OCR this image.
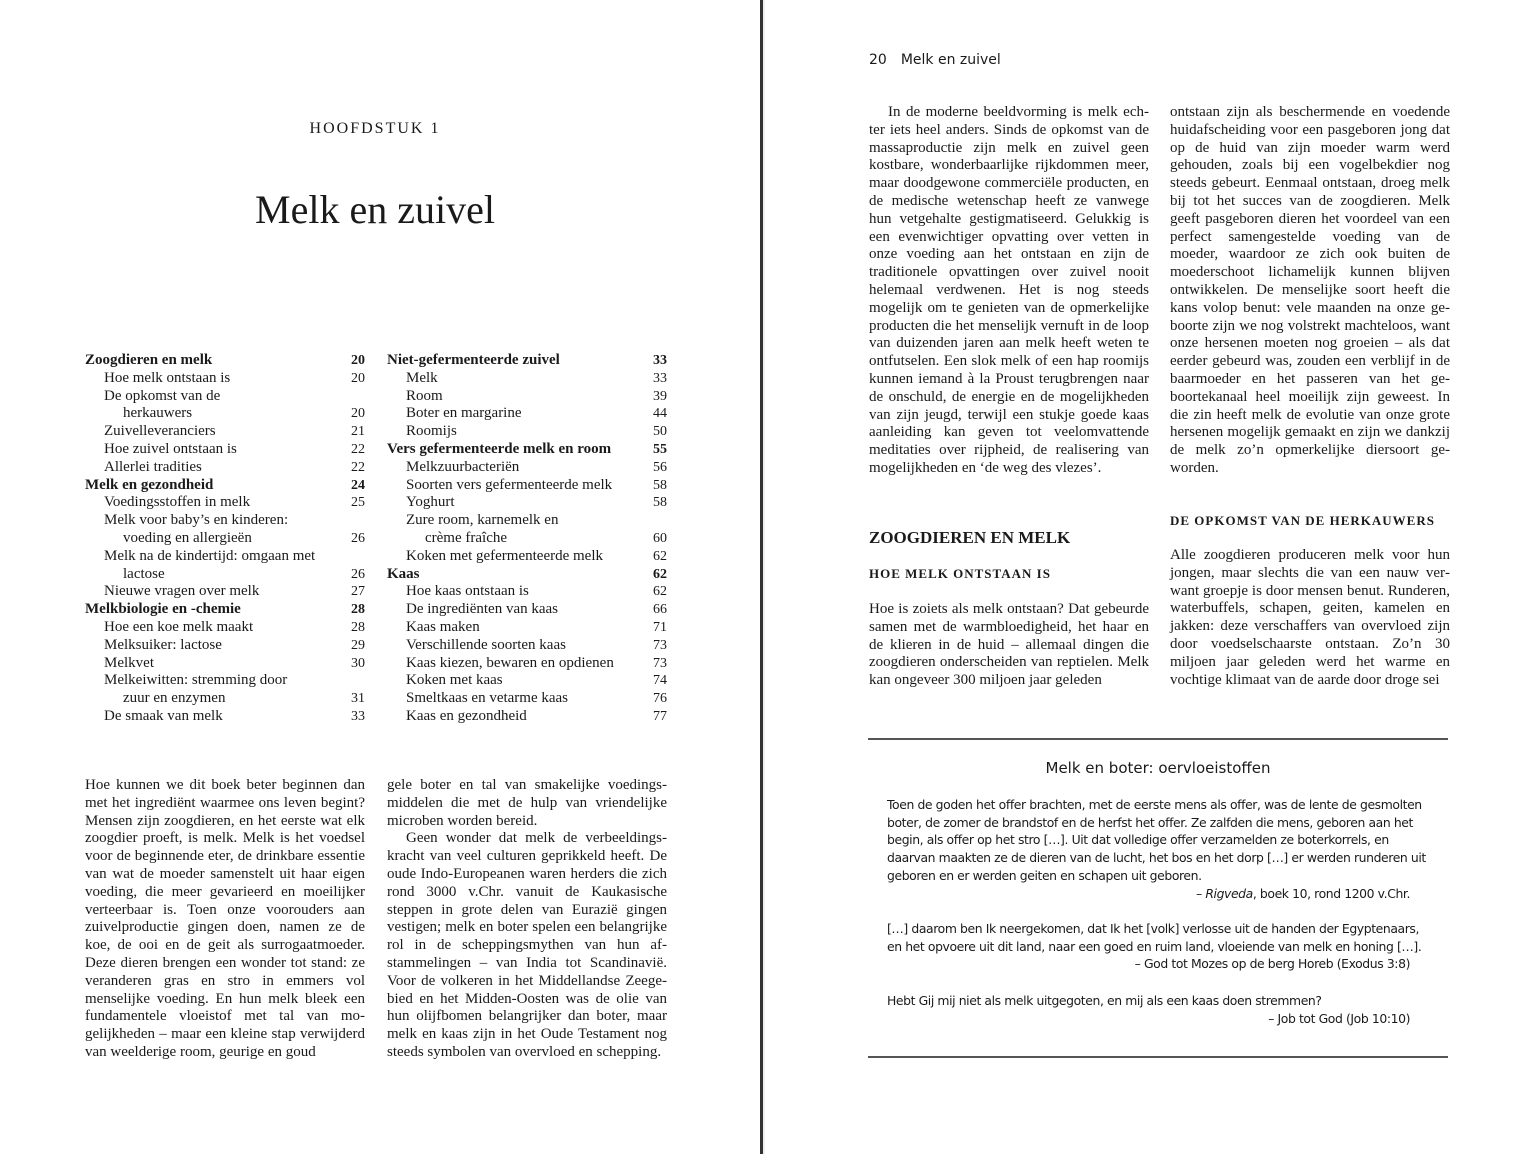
HOOFDSTUK 1
Melk en zuivel
Zoogdieren en melk	20
Hoe melk ontstaan is	20
De opkomst van de
herkauwers	20
Zuivelleveranciers	21
Hoe zuivel ontstaan is	22
Allerlei tradities	22
Melk en gezondheid	24
Voedingsstoffen in melk	25
Melk voor baby’s en kinderen:
voeding en allergieën	26
Melk na de kindertijd: omgaan met
lactose	26
Nieuwe vragen over melk	27
Melkbiologie en -chemie	28
Hoe een koe melk maakt	28
Melksuiker: lactose	29
Melkvet	30
Melkeiwitten: stremming door
zuur en enzymen	31
De smaak van melk	33
Niet-gefermenteerde zuivel	33
Melk	33
Room	39
Boter en margarine	44
Roomijs	50
Vers gefermenteerde melk en room	55
Melkzuurbacteriën	56
Soorten vers gefermenteerde melk	58
Yoghurt	58
Zure room, karnemelk en
crème fraîche	60
Koken met gefermenteerde melk	62
Kaas	62
Hoe kaas ontstaan is	62
De ingrediënten van kaas	66
Kaas maken	71
Verschillende soorten kaas	73
Kaas kiezen, bewaren en opdienen	73
Koken met kaas	74
Smeltkaas en vetarme kaas	76
Kaas en gezondheid	77

Hoe kunnen we dit boek beter beginnen dan met het ingrediënt waarmee ons leven begint? Mensen zijn zoogdieren, en het eerste wat elk zoogdier proeft, is melk. Melk is het voedsel voor de beginnende eter, de drinkbare essentie van wat de moeder samenstelt uit haar eigen voeding, die meer gevarieerd en moeilijker verteerbaar is. Toen onze voorouders aan zuivelproductie gingen doen, namen ze de koe, de ooi en de geit als surrogaatmoeder. Deze dieren brengen een wonder tot stand: ze veranderen gras en stro in emmers vol menselijke voeding. En hun melk bleek een fundamentele vloeistof met tal van mogelijkheden – maar een kleine stap verwijderd van weelderige room, geurige en goud

gele boter en tal van smakelijke voedingsmiddelen die met de hulp van vriendelijke microben worden bereid.

Geen wonder dat melk de verbeeldingskracht van veel culturen geprikkeld heeft. De oude Indo-Europeanen waren herders die zich rond 3000 v.Chr. vanuit de Kaukasische steppen in grote delen van Eurazië gingen vestigen; melk en boter spelen een belangrijke rol in de scheppingsmythen van hun afstammelingen – van India tot Scandinavië. Voor de volkeren in het Middellandse Zeegebied en het Midden-Oosten was de olie van hun olijfbomen belangrijker dan boter, maar melk en kaas zijn in het Oude Testament nog steeds symbolen van overvloed en schepping.

20 Melk en zuivel

In de moderne beeldvorming is melk echter iets heel anders. Sinds de opkomst van de massaproductie zijn melk en zuivel geen kostbare, wonderbaarlijke rijkdommen meer, maar doodgewone commerciële producten, en de medische wetenschap heeft ze vanwege hun vetgehalte gestigmatiseerd. Gelukkig is een evenwichtiger opvatting over vetten in onze voeding aan het ontstaan en zijn de traditionele opvattingen over zuivel nooit helemaal verdwenen. Het is nog steeds mogelijk om te genieten van de opmerkelijke producten die het menselijk vernuft in de loop van duizenden jaren aan melk heeft weten te ontfutselen. Een slok melk of een hap roomijs kunnen iemand à la Proust terugbrengen naar de onschuld, de energie en de mogelijkheden van zijn jeugd, terwijl een stukje goede kaas aanleiding kan geven tot veelomvattende meditaties over rijpheid, de realisering van mogelijkheden en ‘de weg des vlezes’.

ZOOGDIEREN EN MELK
HOE MELK ONTSTAAN IS

Hoe is zoiets als melk ontstaan? Dat gebeurde samen met de warmbloedigheid, het haar en de klieren in de huid – allemaal dingen die zoogdieren onderscheiden van reptielen. Melk kan ongeveer 300 miljoen jaar geleden

ontstaan zijn als beschermende en voedende huidafscheiding voor een pasgeboren jong dat op de huid van zijn moeder warm werd gehouden, zoals bij een vogelbekdier nog steeds gebeurt. Eenmaal ontstaan, droeg melk bij tot het succes van de zoogdieren. Melk geeft pasgeboren dieren het voordeel van een perfect samengestelde voeding van de moeder, waardoor ze zich ook buiten de moederschoot lichamelijk kunnen blijven ontwikkelen. De menselijke soort heeft die kans volop benut: vele maanden na onze geboorte zijn we nog volstrekt machteloos, want onze hersenen moeten nog groeien – als dat eerder gebeurd was, zouden een verblijf in de baarmoeder en het passeren van het geboortekanaal heel moeilijk zijn geweest. In die zin heeft melk de evolutie van onze grote hersenen mogelijk gemaakt en zijn we dankzij de melk zo’n opmerkelijke diersoort geworden.

DE OPKOMST VAN DE HERKAUWERS

Alle zoogdieren produceren melk voor hun jongen, maar slechts die van een nauw verwant groepje is door mensen benut. Runderen, waterbuffels, schapen, geiten, kamelen en jakken: deze verschaffers van overvloed zijn door voedselschaarste ontstaan. Zo’n 30 miljoen jaar geleden werd het warme en vochtige klimaat van de aarde door droge sei

Melk en boter: oervloeistoffen

Toen de goden het offer brachten, met de eerste mens als offer, was de lente de gesmolten boter, de zomer de brandstof en de herfst het offer. Ze zalfden die mens, geboren aan het begin, als offer op het stro […]. Uit dat volledige offer verzamelden ze boterkorrels, en daarvan maakten ze de dieren van de lucht, het bos en het dorp […] er werden runderen uit geboren en er werden geiten en schapen uit geboren.

– Rigveda, boek 10, rond 1200 v.Chr.

[…] daarom ben Ik neergekomen, dat Ik het [volk] verlosse uit de handen der Egyptenaars, en het opvoere uit dit land, naar een goed en ruim land, vloeiende van melk en honing […].

– God tot Mozes op de berg Horeb (Exodus 3:8)

Hebt Gij mij niet als melk uitgegoten, en mij als een kaas doen stremmen?

– Job tot God (Job 10:10)
